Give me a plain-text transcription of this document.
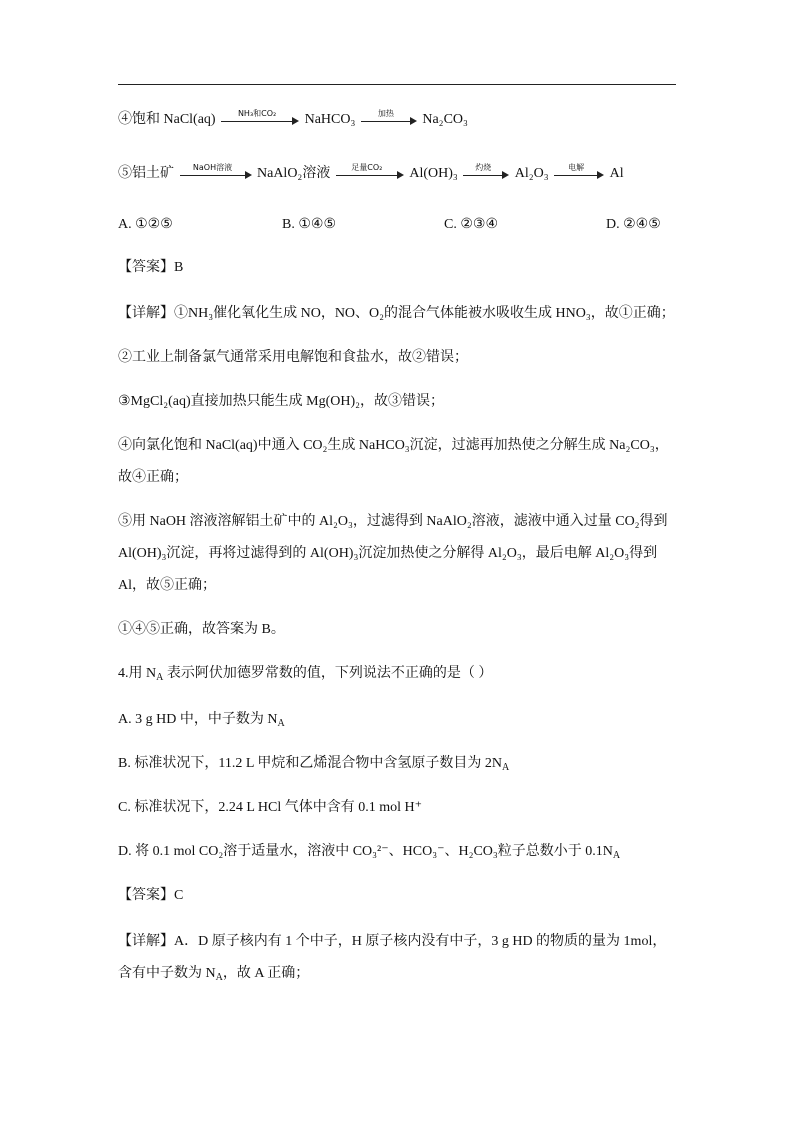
④饱和 NaCl(aq)	NH₃和CO₂	NaHCO₃	加热	Na₂CO₃
⑤铝土矿	NaOH溶液	NaAlO₂溶液	足量CO₂	Al(OH)₃	灼烧	Al₂O₃	电解	Al
A. ①②⑤	B. ①④⑤	C. ②③④	D. ②④⑤
【答案】B
【详解】①NH₃催化氧化生成 NO，NO、O₂的混合气体能被水吸收生成 HNO₃，故①正确；
②工业上制备氯气通常采用电解饱和食盐水，故②错误；
③MgCl₂(aq)直接加热只能生成 Mg(OH)₂，故③错误；
④向氯化饱和 NaCl(aq)中通入 CO₂生成 NaHCO₃沉淀，过滤再加热使之分解生成 Na₂CO₃，
故④正确；
⑤用 NaOH 溶液溶解铝土矿中的 Al₂O₃，过滤得到 NaAlO₂溶液，滤液中通入过量 CO₂得到
Al(OH)₃沉淀，再将过滤得到的 Al(OH)₃沉淀加热使之分解得 Al₂O₃，最后电解 Al₂O₃得到
Al，故⑤正确；
①④⑤正确，故答案为 B。
4.用 $N_A$ 表示阿伏加德罗常数的值，下列说法不正确的是（ ）
A. 3 g HD 中，中子数为 $N_A$
B. 标准状况下，11.2 L 甲烷和乙烯混合物中含氢原子数目为 $2N_A$
C. 标准状况下，2.24 L HCl 气体中含有 0.1 mol H⁺
D. 将 0.1 mol CO₂溶于适量水，溶液中 CO₃²⁻、HCO₃⁻、H₂CO₃粒子总数小于 $0.1N_A$
【答案】C
【详解】A．D 原子核内有 1 个中子，H 原子核内没有中子，3 g HD 的物质的量为 1mol，
含有中子数为 $N_A$，故 A 正确；
